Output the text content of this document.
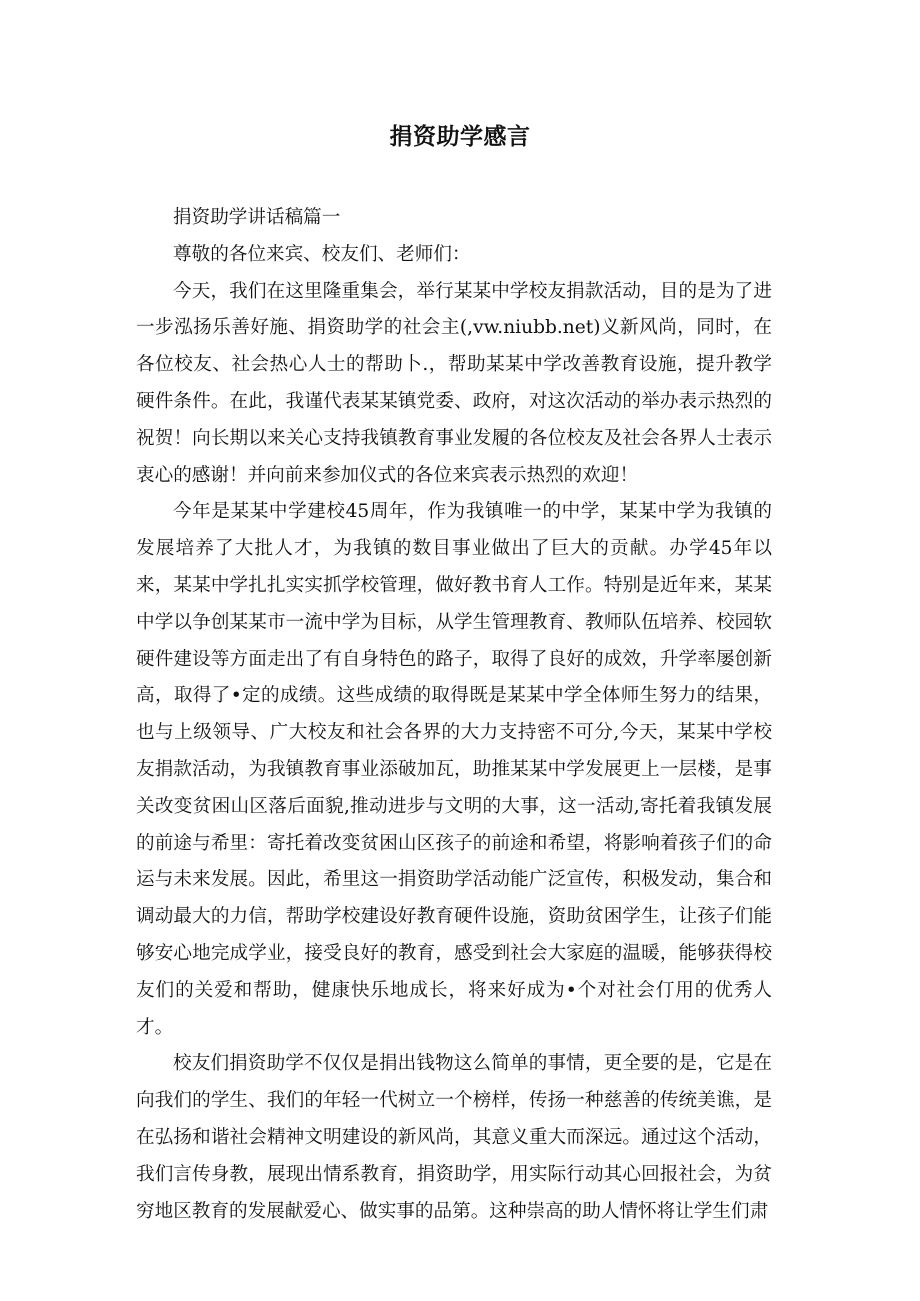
捐资助学感言

捐资助学讲话稿篇一

尊敬的各位来宾、校友们、老师们：

今天，我们在这里隆重集会，举行某某中学校友捐款活动，目的是为了进一步泓扬乐善好施、捐资助学的社会主(,vw.niubb.net)义新风尚，同时，在各位校友、社会热心人士的帮助卜.，帮助某某中学改善教育设施，提升教学硬件条件。在此，我谨代表某某镇党委、政府，对这次活动的举办表示热烈的祝贺！向长期以来关心支持我镇教育事业发履的各位校友及社会各界人士表示衷心的感谢！并向前来参加仪式的各位来宾表示热烈的欢迎！

今年是某某中学建校45周年，作为我镇唯一的中学，某某中学为我镇的发展培养了大批人才，为我镇的数目事业做出了巨大的贡献。办学45年以来，某某中学扎扎实实抓学校管理，做好教书育人工作。特别是近年来，某某中学以争创某某市一流中学为目标，从学生管理教育、教师队伍培养、校园软硬件建设等方面走出了有自身特色的路子，取得了良好的成效，升学率屡创新高，取得了•定的成绩。这些成绩的取得既是某某中学全体师生努力的结果，也与上级领导、广大校友和社会各界的大力支持密不可分,今天，某某中学校友捐款活动，为我镇教育事业添破加瓦，助推某某中学发展更上一层楼，是事关改变贫困山区落后面貌,推动进步与文明的大事，这一活动,寄托着我镇发展的前途与希里：寄托着改变贫困山区孩子的前途和希望，将影响着孩子们的命运与未来发展。因此，希里这一捐资助学活动能广泛宣传，积极发动，集合和调动最大的力信，帮助学校建设好教育硬件设施，资助贫困学生，让孩子们能够安心地完成学业，接受良好的教育，感受到社会大家庭的温暖，能够获得校友们的关爱和帮助，健康快乐地成长，将来好成为•个对社会仃用的优秀人才。

校友们捐资助学不仅仅是捐出钱物这么简单的事情，更全要的是，它是在向我们的学生、我们的年轻一代树立一个榜样，传扬一种慈善的传统美谯，是在弘扬和谐社会精神文明建设的新风尚，其意义重大而深远。通过这个活动，我们言传身教，展现出情系教育，捐资助学，用实际行动其心回报社会，为贫穷地区教育的发展献爱心、做实事的品第。这种崇高的助人情怀将让学生们肃
